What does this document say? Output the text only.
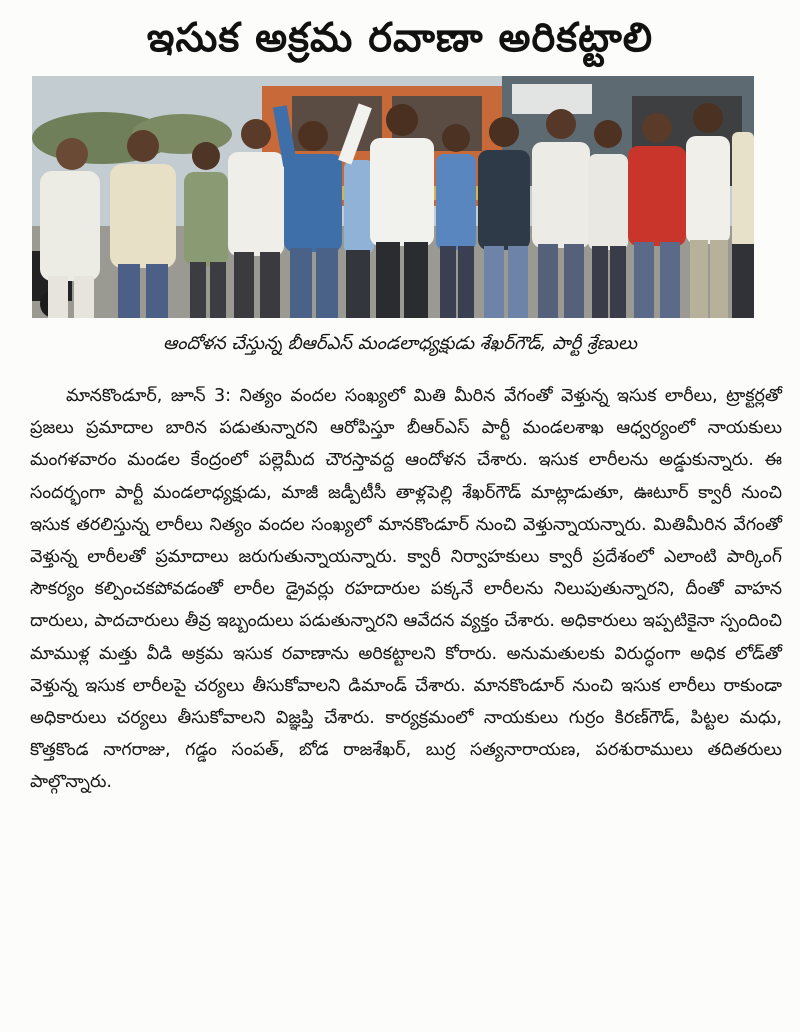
ఇసుక అక్రమ రవాణా అరికట్టాలి
ఆందోళన చేస్తున్న బీఆర్ఎస్ మండలాధ్యక్షుడు శేఖర్‌గౌడ్, పార్టీ శ్రేణులు

మానకొండూర్, జూన్ 3: నిత్యం వందల సంఖ్యలో మితి మీరిన వేగంతో వెళ్తున్న ఇసుక లారీలు, ట్రాక్టర్లతో ప్రజలు ప్రమాదాల బారిన పడుతున్నారని ఆరోపిస్తూ బీఆర్ఎస్ పార్టీ మండలశాఖ ఆధ్వర్యంలో నాయకులు మంగళవారం మండల కేంద్రంలో పల్లెమీద చౌరస్తావద్ద ఆందోళన చేశారు. ఇసుక లారీలను అడ్డుకున్నారు. ఈ సందర్భంగా పార్టీ మండలాధ్యక్షుడు, మాజీ జడ్పీటీసీ తాళ్లపెల్లి శేఖర్‌గౌడ్ మాట్లాడుతూ, ఊటూర్ క్వారీ నుంచి ఇసుక తరలిస్తున్న లారీలు నిత్యం వందల సంఖ్యలో మానకొండూర్ నుంచి వెళ్తున్నాయన్నారు. మితిమీరిన వేగంతో వెళ్తున్న లారీలతో ప్రమాదాలు జరుగుతున్నాయన్నారు. క్వారీ నిర్వాహకులు క్వారీ ప్రదేశంలో ఎలాంటి పార్కింగ్ సౌకర్యం కల్పించకపోవడంతో లారీల డ్రైవర్లు రహదారుల పక్కనే లారీలను నిలుపుతున్నారని, దీంతో వాహన దారులు, పాదచారులు తీవ్ర ఇబ్బందులు పడుతున్నారని ఆవేదన వ్యక్తం చేశారు. అధికారులు ఇప్పటికైనా స్పందించి మాముళ్ల మత్తు వీడి అక్రమ ఇసుక రవాణాను అరికట్టాలని కోరారు. అనుమతులకు విరుద్ధంగా అధిక లోడ్‌తో వెళ్తున్న ఇసుక లారీలపై చర్యలు తీసుకోవాలని డిమాండ్ చేశారు. మానకొండూర్ నుంచి ఇసుక లారీలు రాకుండా అధికారులు చర్యలు తీసుకోవాలని విజ్ఞప్తి చేశారు. కార్యక్రమంలో నాయకులు గుర్రం కిరణ్‌గౌడ్, పిట్టల మధు, కొత్తకొండ నాగరాజు, గడ్డం సంపత్, బోడ రాజశేఖర్, బుర్ర సత్యనారాయణ, పరశురాములు తదితరులు పాల్గొన్నారు.
